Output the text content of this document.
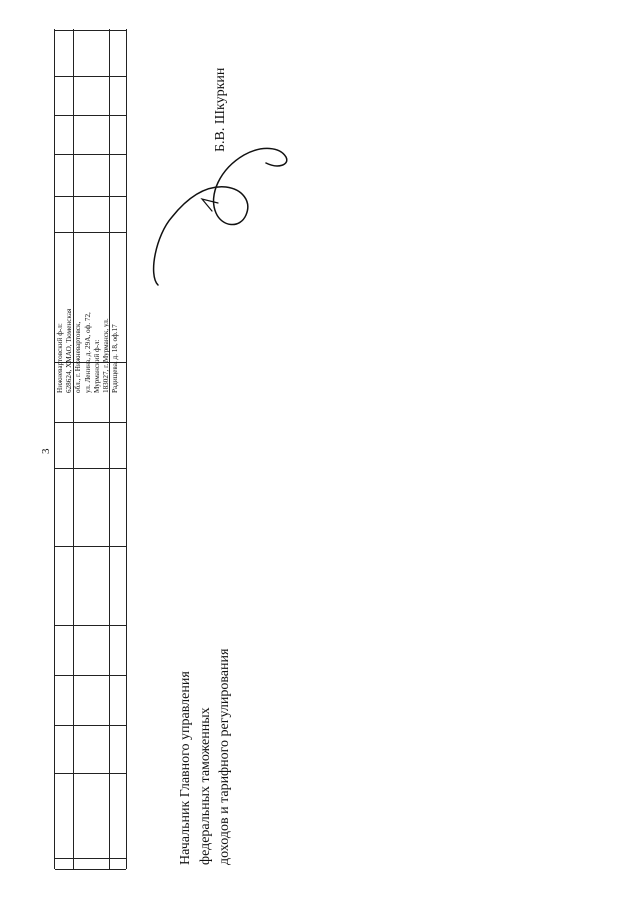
3
Нижневартовский ф-л: 628624, ХМАО, Тюменская обл., г. Нижневартовск, ул. Ленина, д. 29А, оф. 72, Мурманский ф-л: 183027, г. Мурманск, ул. Радищева, д. 18, оф.17
Начальник Главного управления федеральных таможенных доходов и тарифного регулирования
Б.В. Шкуркин
